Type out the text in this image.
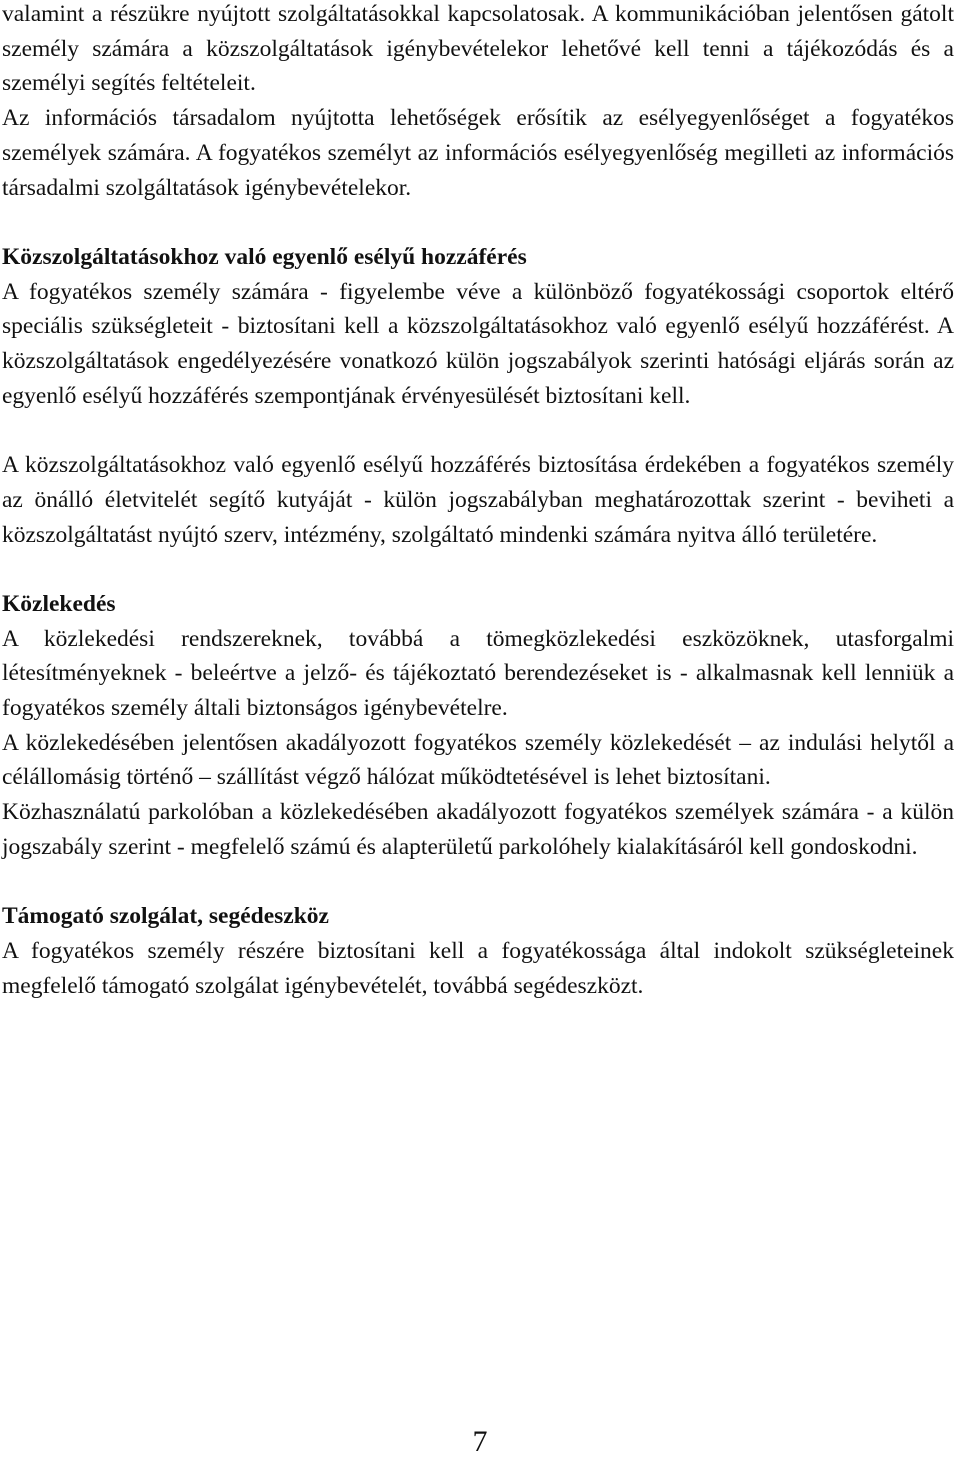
valamint a részükre nyújtott szolgáltatásokkal kapcsolatosak. A kommunikációban jelentősen gátolt személy számára a közszolgáltatások igénybevételekor lehetővé kell tenni a tájékozódás és a személyi segítés feltételeit.

Az információs társadalom nyújtotta lehetőségek erősítik az esélyegyenlőséget a fogyatékos személyek számára. A fogyatékos személyt az információs esélyegyenlőség megilleti az információs társadalmi szolgáltatások igénybevételekor.

Közszolgáltatásokhoz való egyenlő esélyű hozzáférés

A fogyatékos személy számára - figyelembe véve a különböző fogyatékossági csoportok eltérő speciális szükségleteit - biztosítani kell a közszolgáltatásokhoz való egyenlő esélyű hozzáférést. A közszolgáltatások engedélyezésére vonatkozó külön jogszabályok szerinti hatósági eljárás során az egyenlő esélyű hozzáférés szempontjának érvényesülését biztosítani kell.

A közszolgáltatásokhoz való egyenlő esélyű hozzáférés biztosítása érdekében a fogyatékos személy az önálló életvitelét segítő kutyáját - külön jogszabályban meghatározottak szerint - beviheti a közszolgáltatást nyújtó szerv, intézmény, szolgáltató mindenki számára nyitva álló területére.

Közlekedés

A közlekedési rendszereknek, továbbá a tömegközlekedési eszközöknek, utasforgalmi létesítményeknek - beleértve a jelző- és tájékoztató berendezéseket is - alkalmasnak kell lenniük a fogyatékos személy általi biztonságos igénybevételre.

A közlekedésében jelentősen akadályozott fogyatékos személy közlekedését – az indulási helytől a célállomásig történő – szállítást végző hálózat működtetésével is lehet biztosítani.

Közhasználatú parkolóban a közlekedésében akadályozott fogyatékos személyek számára - a külön jogszabály szerint - megfelelő számú és alapterületű parkolóhely kialakításáról kell gondoskodni.

Támogató szolgálat, segédeszköz

A fogyatékos személy részére biztosítani kell a fogyatékossága által indokolt szükségleteinek megfelelő támogató szolgálat igénybevételét, továbbá segédeszközt.

7
